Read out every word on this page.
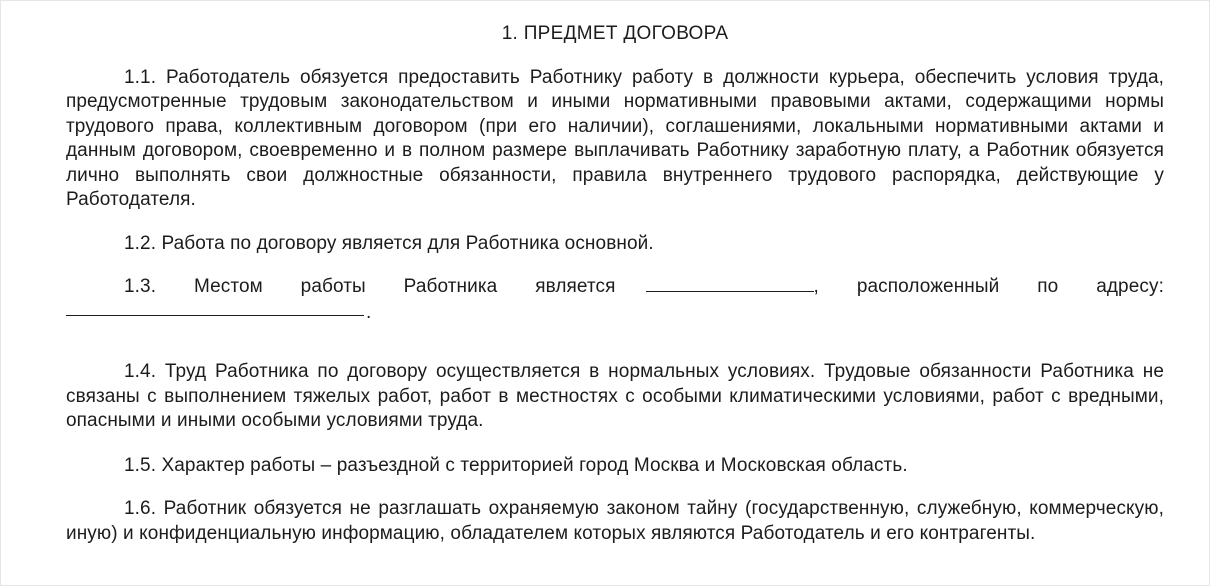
1. ПРЕДМЕТ ДОГОВОРА

1.1. Работодатель обязуется предоставить Работнику работу в должности курьера, обеспечить условия труда, предусмотренные трудовым законодательством и иными нормативными правовыми актами, содержащими нормы трудового права, коллективным договором (при его наличии), соглашениями, локальными нормативными актами и данным договором, своевременно и в полном размере выплачивать Работнику заработную плату, а Работник обязуется лично выполнять свои должностные обязанности, правила внутреннего трудового распорядка, действующие у Работодателя.

1.2. Работа по договору является для Работника основной.

1.3. Местом работы Работника является	, расположенный по адресу:
.

1.4. Труд Работника по договору осуществляется в нормальных условиях. Трудовые обязанности Работника не связаны с выполнением тяжелых работ, работ в местностях с особыми климатическими условиями, работ с вредными, опасными и иными особыми условиями труда.

1.5. Характер работы – разъездной с территорией город Москва и Московская область.

1.6. Работник обязуется не разглашать охраняемую законом тайну (государственную, служебную, коммерческую, иную) и конфиденциальную информацию, обладателем которых являются Работодатель и его контрагенты.
